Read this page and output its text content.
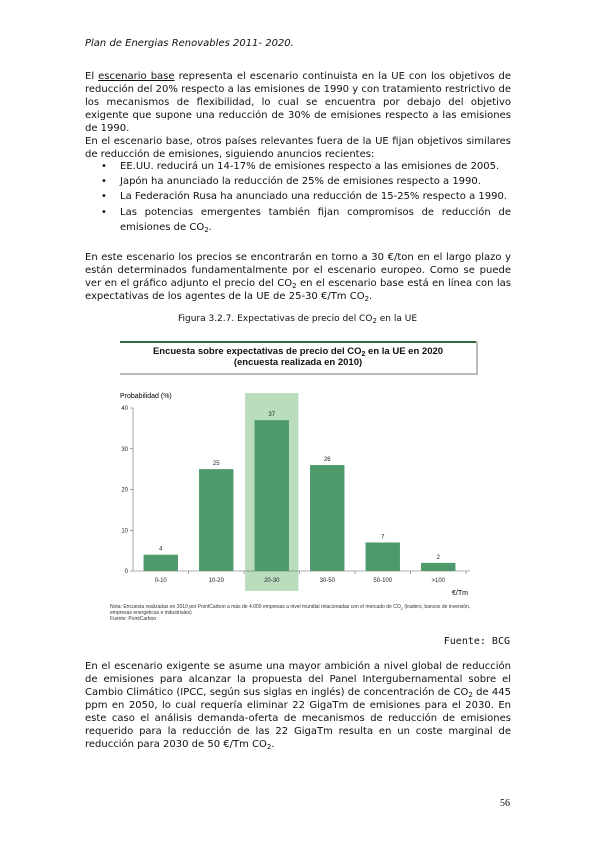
Plan de Energias Renovables 2011- 2020.

El escenario base representa el escenario continuista en la UE con los objetivos de reducción del 20% respecto a las emisiones de 1990 y con tratamiento restrictivo de los mecanismos de flexibilidad, lo cual se encuentra por debajo del objetivo exigente que supone una reducción de 30% de emisiones respecto a las emisiones de 1990.

En el escenario base, otros países relevantes fuera de la UE fijan objetivos similares de reducción de emisiones, siguiendo anuncios recientes:

• EE.UU. reducirá un 14-17% de emisiones respecto a las emisiones de 2005.
• Japón ha anunciado la reducción de 25% de emisiones respecto a 1990.
• La Federación Rusa ha anunciado una reducción de 15-25% respecto a 1990.
• Las potencias emergentes también fijan compromisos de reducción de emisiones de $CO_2$.

En este escenario los precios se encontrarán en torno a 30 €/ton en el largo plazo y están determinados fundamentalmente por el escenario europeo. Como se puede ver en el gráfico adjunto el precio del $CO_2$ en el escenario base está en línea con las expectativas de los agentes de la UE de 25-30 €/Tm $CO_2$.

Figura 3.2.7. Expectativas de precio del $CO_2$ en la UE
Encuesta sobre expectativas de precio del $CO_2$ en la UE en 2020
(encuesta realizada en 2010)
Probabilidad (%)
€/Tm
0
10
20
30
40
4
0-10
25
10-20
37
20-30
26
30-50
7
50-100
2
>100
Nota: Encuesta realizadas en 2010 por PointCarbon a más de 4.000 empresas a nivel mundial relacionadas con el mercado de $CO_2$ (traders, bancos de inversión, empresas energéticas e industriales)
Fuente: PointCarbon
Fuente: BCG

En el escenario exigente se asume una mayor ambición a nivel global de reducción de emisiones para alcanzar la propuesta del Panel Intergubernamental sobre el Cambio Climático (IPCC, según sus siglas en inglés) de concentración de $CO_2$ de 445 ppm en 2050, lo cual requería eliminar 22 GigaTm de emisiones para el 2030. En este caso el análisis demanda-oferta de mecanismos de reducción de emisiones requerido para la reducción de las 22 GigaTm resulta en un coste marginal de reducción para 2030 de 50 €/Tm $CO_2$.

56
